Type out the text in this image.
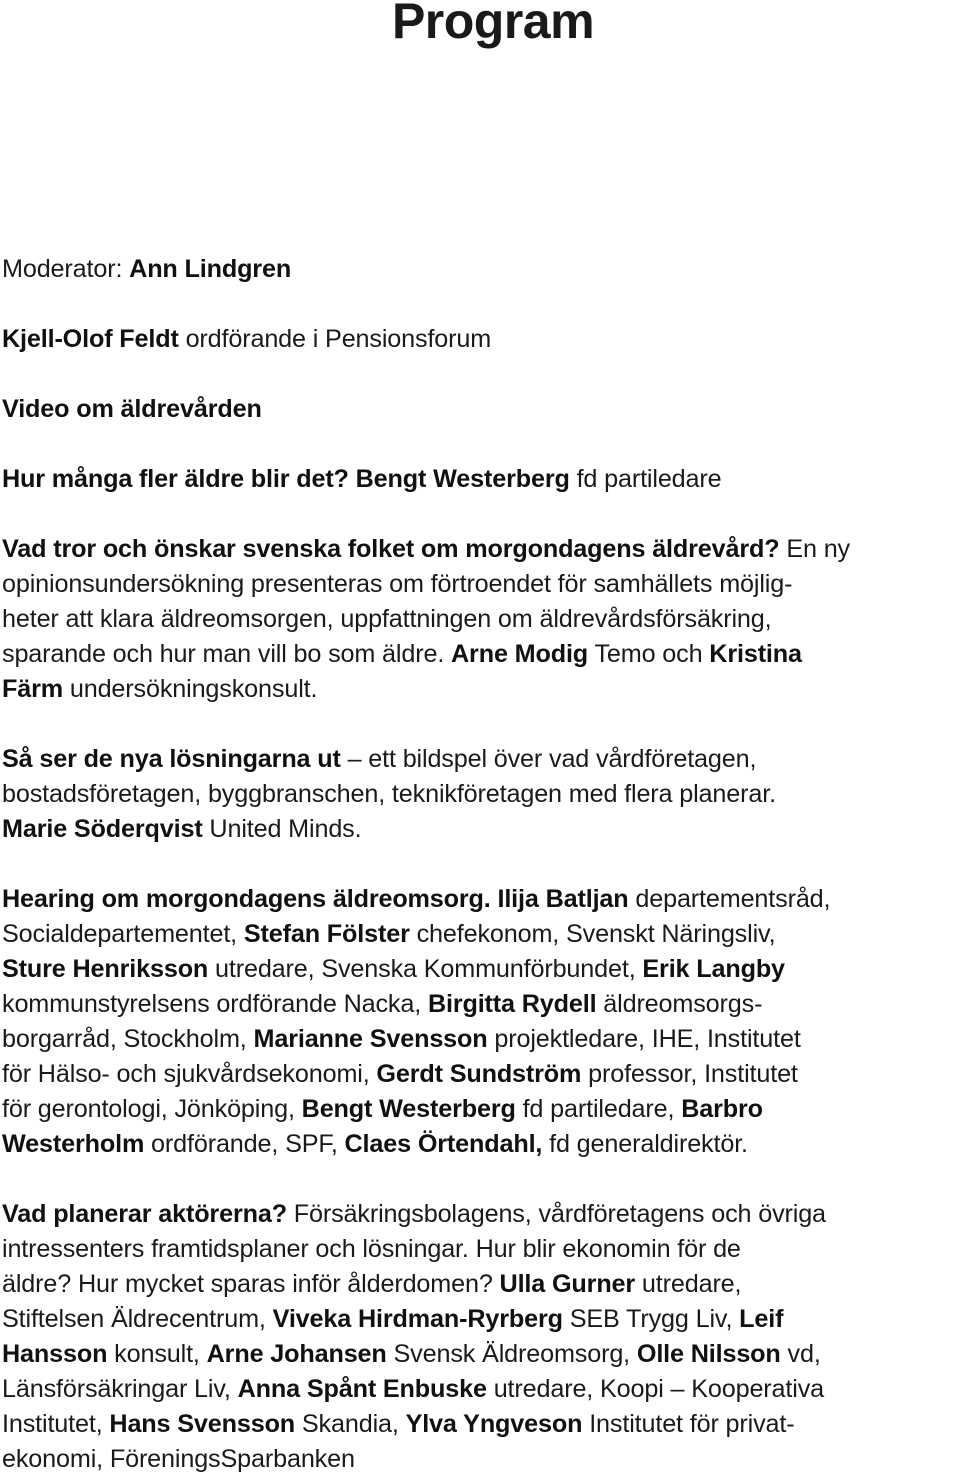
Program
Moderator: Ann Lindgren
Kjell-Olof Feldt ordförande i Pensionsforum
Video om äldrevården
Hur många fler äldre blir det? Bengt Westerberg fd partiledare
Vad tror och önskar svenska folket om morgondagens äldrevård? En ny
opinionsundersökning presenteras om förtroendet för samhällets möjlig-
heter att klara äldreomsorgen, uppfattningen om äldrevårdsförsäkring,
sparande och hur man vill bo som äldre. Arne Modig Temo och Kristina
Färm undersökningskonsult.
Så ser de nya lösningarna ut – ett bildspel över vad vårdföretagen,
bostadsföretagen, byggbranschen, teknikföretagen med flera planerar.
Marie Söderqvist United Minds.
Hearing om morgondagens äldreomsorg. Ilija Batljan departementsråd,
Socialdepartementet, Stefan Fölster chefekonom, Svenskt Näringsliv,
Sture Henriksson utredare, Svenska Kommunförbundet, Erik Langby
kommunstyrelsens ordförande Nacka, Birgitta Rydell äldreomsorgs-
borgarråd, Stockholm, Marianne Svensson projektledare, IHE, Institutet
för Hälso- och sjukvårdsekonomi, Gerdt Sundström professor, Institutet
för gerontologi, Jönköping, Bengt Westerberg fd partiledare, Barbro
Westerholm ordförande, SPF, Claes Örtendahl, fd generaldirektör.
Vad planerar aktörerna? Försäkringsbolagens, vårdföretagens och övriga
intressenters framtidsplaner och lösningar. Hur blir ekonomin för de
äldre? Hur mycket sparas inför ålderdomen? Ulla Gurner utredare,
Stiftelsen Äldrecentrum, Viveka Hirdman-Ryrberg SEB Trygg Liv, Leif
Hansson konsult, Arne Johansen Svensk Äldreomsorg, Olle Nilsson vd,
Länsförsäkringar Liv, Anna Spånt Enbuske utredare, Koopi – Kooperativa
Institutet, Hans Svensson Skandia, Ylva Yngveson Institutet för privat-
ekonomi, FöreningsSparbanken
